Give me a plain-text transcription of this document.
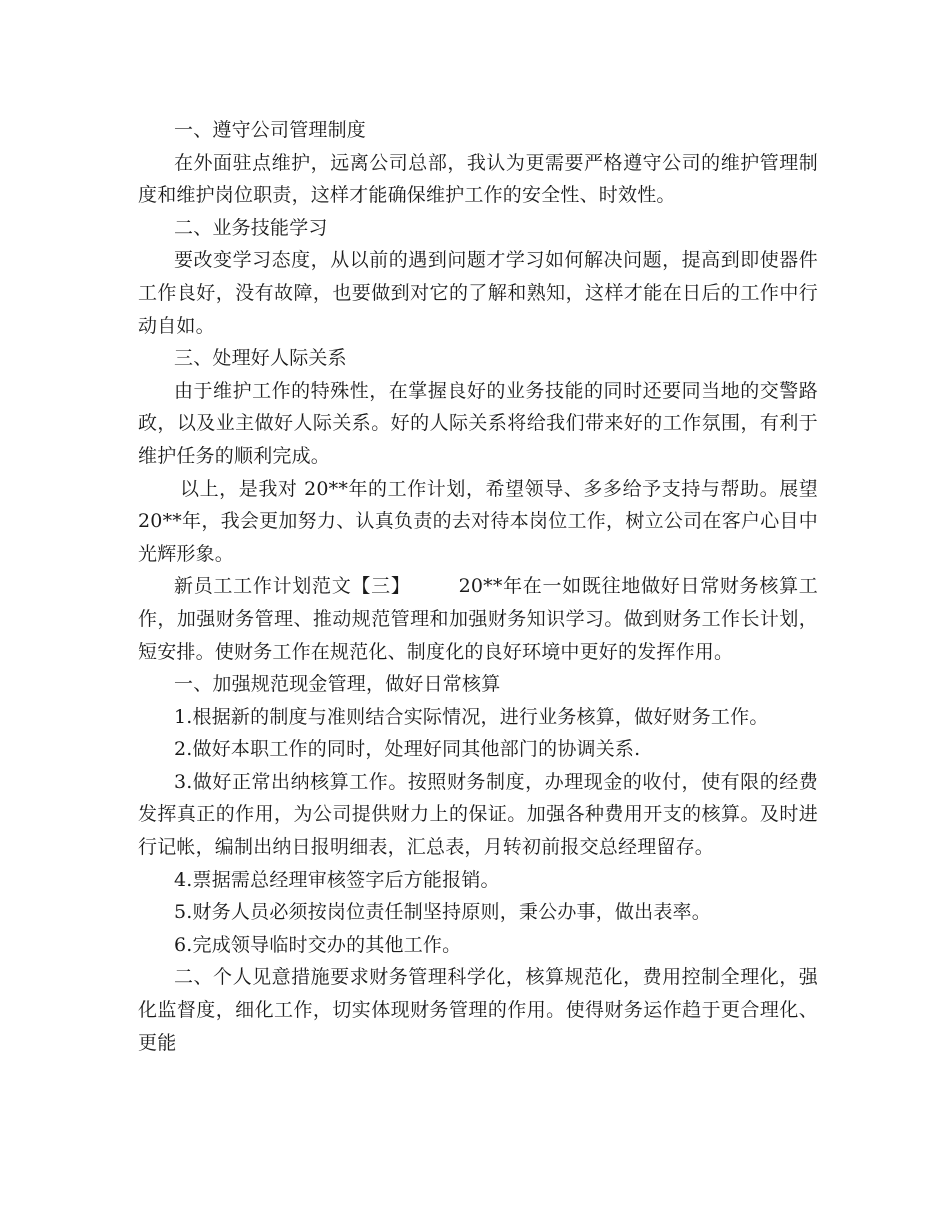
一、遵守公司管理制度

在外面驻点维护，远离公司总部，我认为更需要严格遵守公司的维护管理制度和维护岗位职责，这样才能确保维护工作的安全性、时效性。

二、业务技能学习

要改变学习态度，从以前的遇到问题才学习如何解决问题，提高到即使器件工作良好，没有故障，也要做到对它的了解和熟知，这样才能在日后的工作中行动自如。

三、处理好人际关系

由于维护工作的特殊性，在掌握良好的业务技能的同时还要同当地的交警路政，以及业主做好人际关系。好的人际关系将给我们带来好的工作氛围，有利于维护任务的顺利完成。

以上，是我对 20**年的工作计划，希望领导、多多给予支持与帮助。展望 20**年，我会更加努力、认真负责的去对待本岗位工作，树立公司在客户心目中光辉形象。

新员工工作计划范文【三】	20**年在一如既往地做好日常财务核算工作，加强财务管理、推动规范管理和加强财务知识学习。做到财务工作长计划，短安排。使财务工作在规范化、制度化的良好环境中更好的发挥作用。

一、加强规范现金管理，做好日常核算

1.根据新的制度与准则结合实际情况，进行业务核算，做好财务工作。

2.做好本职工作的同时，处理好同其他部门的协调关系.

3.做好正常出纳核算工作。按照财务制度，办理现金的收付，使有限的经费发挥真正的作用，为公司提供财力上的保证。加强各种费用开支的核算。及时进行记帐，编制出纳日报明细表，汇总表，月转初前报交总经理留存。

4.票据需总经理审核签字后方能报销。

5.财务人员必须按岗位责任制坚持原则，秉公办事，做出表率。

6.完成领导临时交办的其他工作。

二、个人见意措施要求财务管理科学化，核算规范化，费用控制全理化，强化监督度，细化工作，切实体现财务管理的作用。使得财务运作趋于更合理化、更能
